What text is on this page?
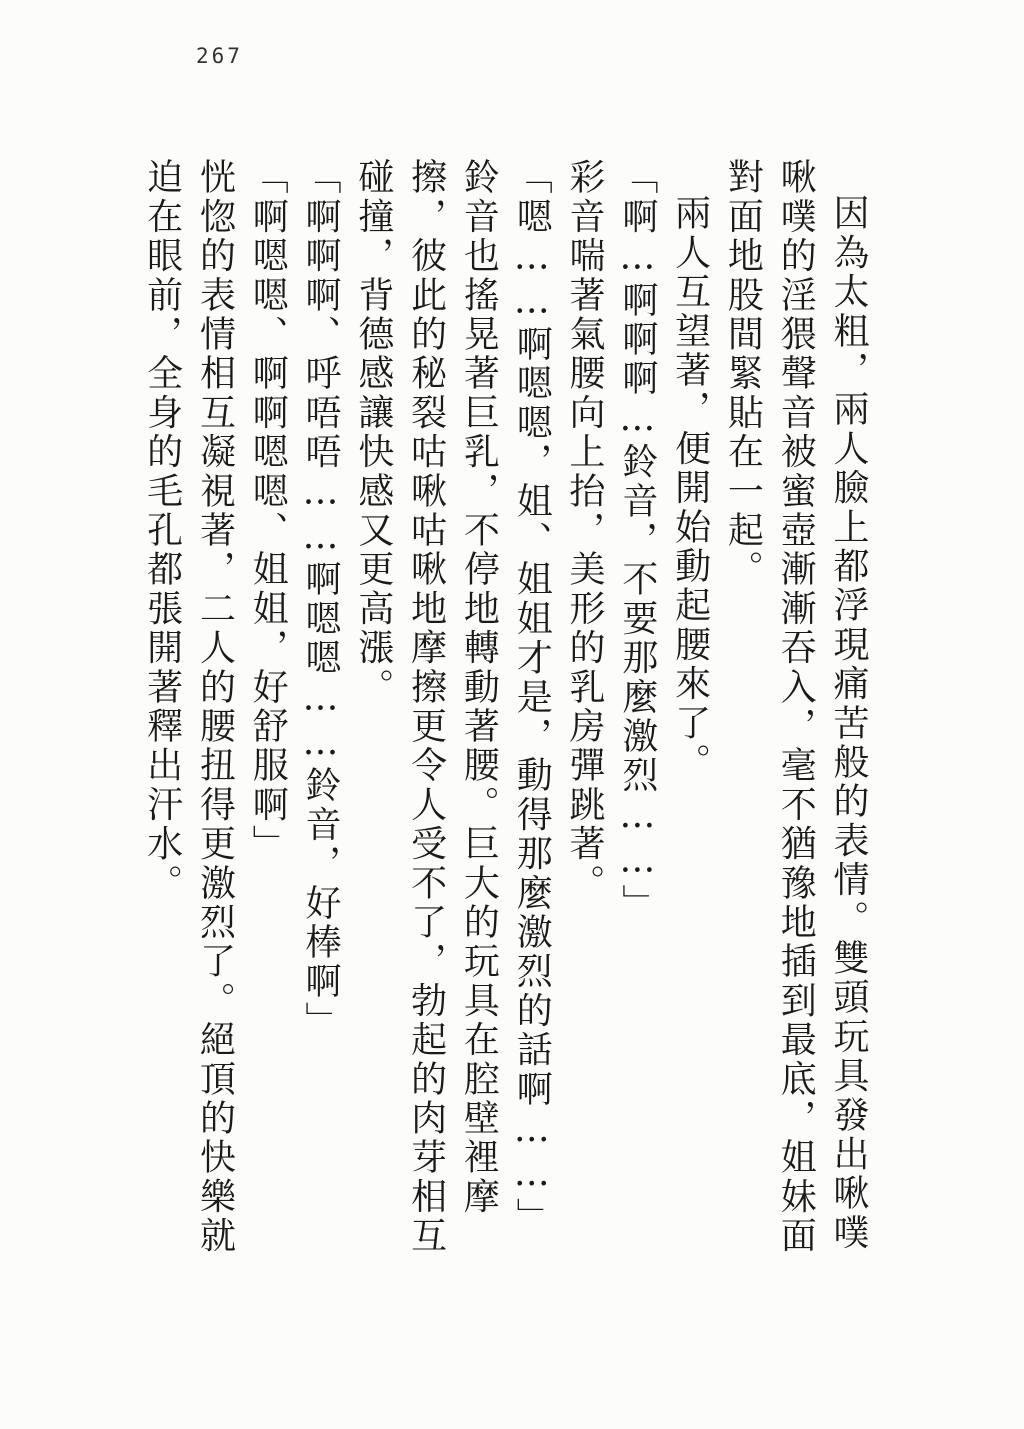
267

因為太粗，兩人臉上都浮現痛苦般的表情。雙頭玩具發出啾噗啾噗的淫猥聲音被蜜壺漸漸吞入，毫不猶豫地插到最底，姐妹面對面地股間緊貼在一起。

兩人互望著，便開始動起腰來了。

「啊…啊啊啊…鈴音，不要那麼激烈……」

彩音喘著氣腰向上抬，美形的乳房彈跳著。

「嗯……啊嗯嗯，姐、姐姐才是，動得那麼激烈的話啊……」

鈴音也搖晃著巨乳，不停地轉動著腰。巨大的玩具在腔壁裡摩擦，彼此的秘裂咕啾咕啾地摩擦更令人受不了，勃起的肉芽相互碰撞，背德感讓快感又更高漲。

「啊啊啊、呼唔唔……啊嗯嗯……鈴音，好棒啊」

「啊嗯嗯、啊啊嗯嗯、姐姐，好舒服啊」

恍惚的表情相互凝視著，二人的腰扭得更激烈了。絕頂的快樂就迫在眼前，全身的毛孔都張開著釋出汗水。
